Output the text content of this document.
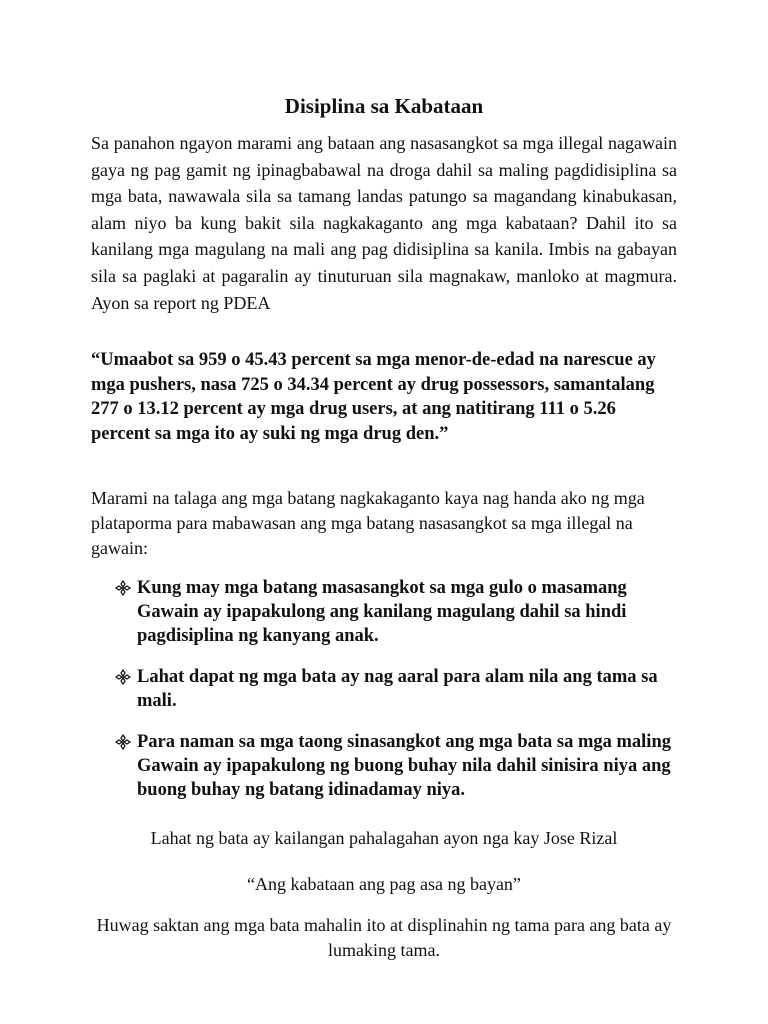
Disiplina sa Kabataan

Sa panahon ngayon marami ang bataan ang nasasangkot sa mga illegal nagawain gaya ng pag gamit ng ipinagbabawal na droga dahil sa maling pagdidisiplina sa mga bata, nawawala sila sa tamang landas patungo sa magandang kinabukasan, alam niyo ba kung bakit sila nagkakaganto ang mga kabataan? Dahil ito sa kanilang mga magulang na mali ang pag didisiplina sa kanila. Imbis na gabayan sila sa paglaki at pagaralin ay tinuturuan sila magnakaw, manloko at magmura. Ayon sa report ng PDEA

“Umaabot sa 959 o 45.43 percent sa mga menor-de-edad na narescue ay mga pushers, nasa 725 o 34.34 percent ay drug possessors, samantalang 277 o 13.12 percent ay mga drug users, at ang natitirang 111 o 5.26 percent sa mga ito ay suki ng mga drug den.”

Marami na talaga ang mga batang nagkakaganto kaya nag handa ako ng mga plataporma para mabawasan ang mga batang nasasangkot sa mga illegal na gawain:

Kung may mga batang masasangkot sa mga gulo o masamang Gawain ay ipapakulong ang kanilang magulang dahil sa hindi pagdisiplina ng kanyang anak.
Lahat dapat ng mga bata ay nag aaral para alam nila ang tama sa mali.
Para naman sa mga taong sinasangkot ang mga bata sa mga maling Gawain ay ipapakulong ng buong buhay nila dahil sinisira niya ang buong buhay ng batang idinadamay niya.

Lahat ng bata ay kailangan pahalagahan ayon nga kay Jose Rizal

“Ang kabataan ang pag asa ng bayan”

Huwag saktan ang mga bata mahalin ito at displinahin ng tama para ang bata ay lumaking tama.
